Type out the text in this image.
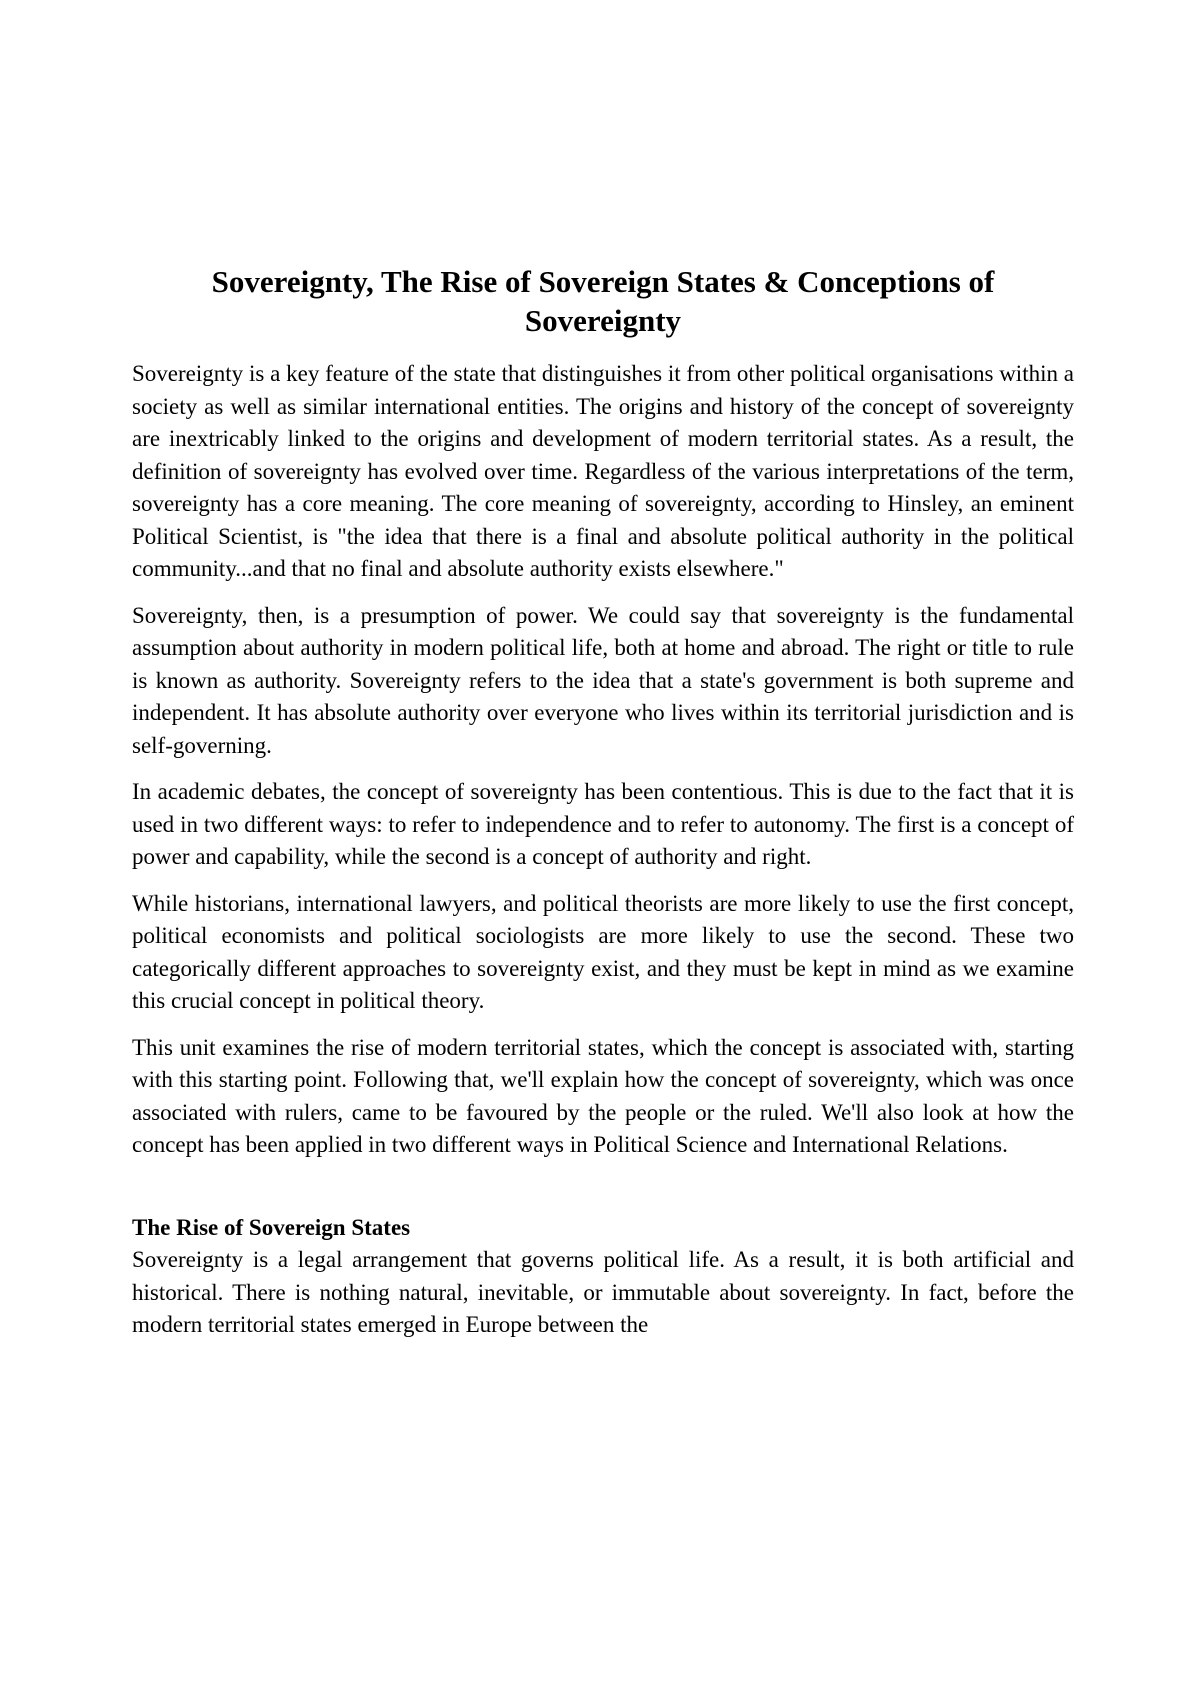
Sovereignty, The Rise of Sovereign States & Conceptions of Sovereignty

Sovereignty is a key feature of the state that distinguishes it from other political organisations within a society as well as similar international entities. The origins and history of the concept of sovereignty are inextricably linked to the origins and development of modern territorial states. As a result, the definition of sovereignty has evolved over time. Regardless of the various interpretations of the term, sovereignty has a core meaning. The core meaning of sovereignty, according to Hinsley, an eminent Political Scientist, is "the idea that there is a final and absolute political authority in the political community...and that no final and absolute authority exists elsewhere."

Sovereignty, then, is a presumption of power. We could say that sovereignty is the fundamental assumption about authority in modern political life, both at home and abroad. The right or title to rule is known as authority. Sovereignty refers to the idea that a state's government is both supreme and independent. It has absolute authority over everyone who lives within its territorial jurisdiction and is self-governing.

In academic debates, the concept of sovereignty has been contentious. This is due to the fact that it is used in two different ways: to refer to independence and to refer to autonomy. The first is a concept of power and capability, while the second is a concept of authority and right.

While historians, international lawyers, and political theorists are more likely to use the first concept, political economists and political sociologists are more likely to use the second. These two categorically different approaches to sovereignty exist, and they must be kept in mind as we examine this crucial concept in political theory.

This unit examines the rise of modern territorial states, which the concept is associated with, starting with this starting point. Following that, we'll explain how the concept of sovereignty, which was once associated with rulers, came to be favoured by the people or the ruled. We'll also look at how the concept has been applied in two different ways in Political Science and International Relations.

The Rise of Sovereign States

Sovereignty is a legal arrangement that governs political life. As a result, it is both artificial and historical. There is nothing natural, inevitable, or immutable about sovereignty. In fact, before the modern territorial states emerged in Europe between the
